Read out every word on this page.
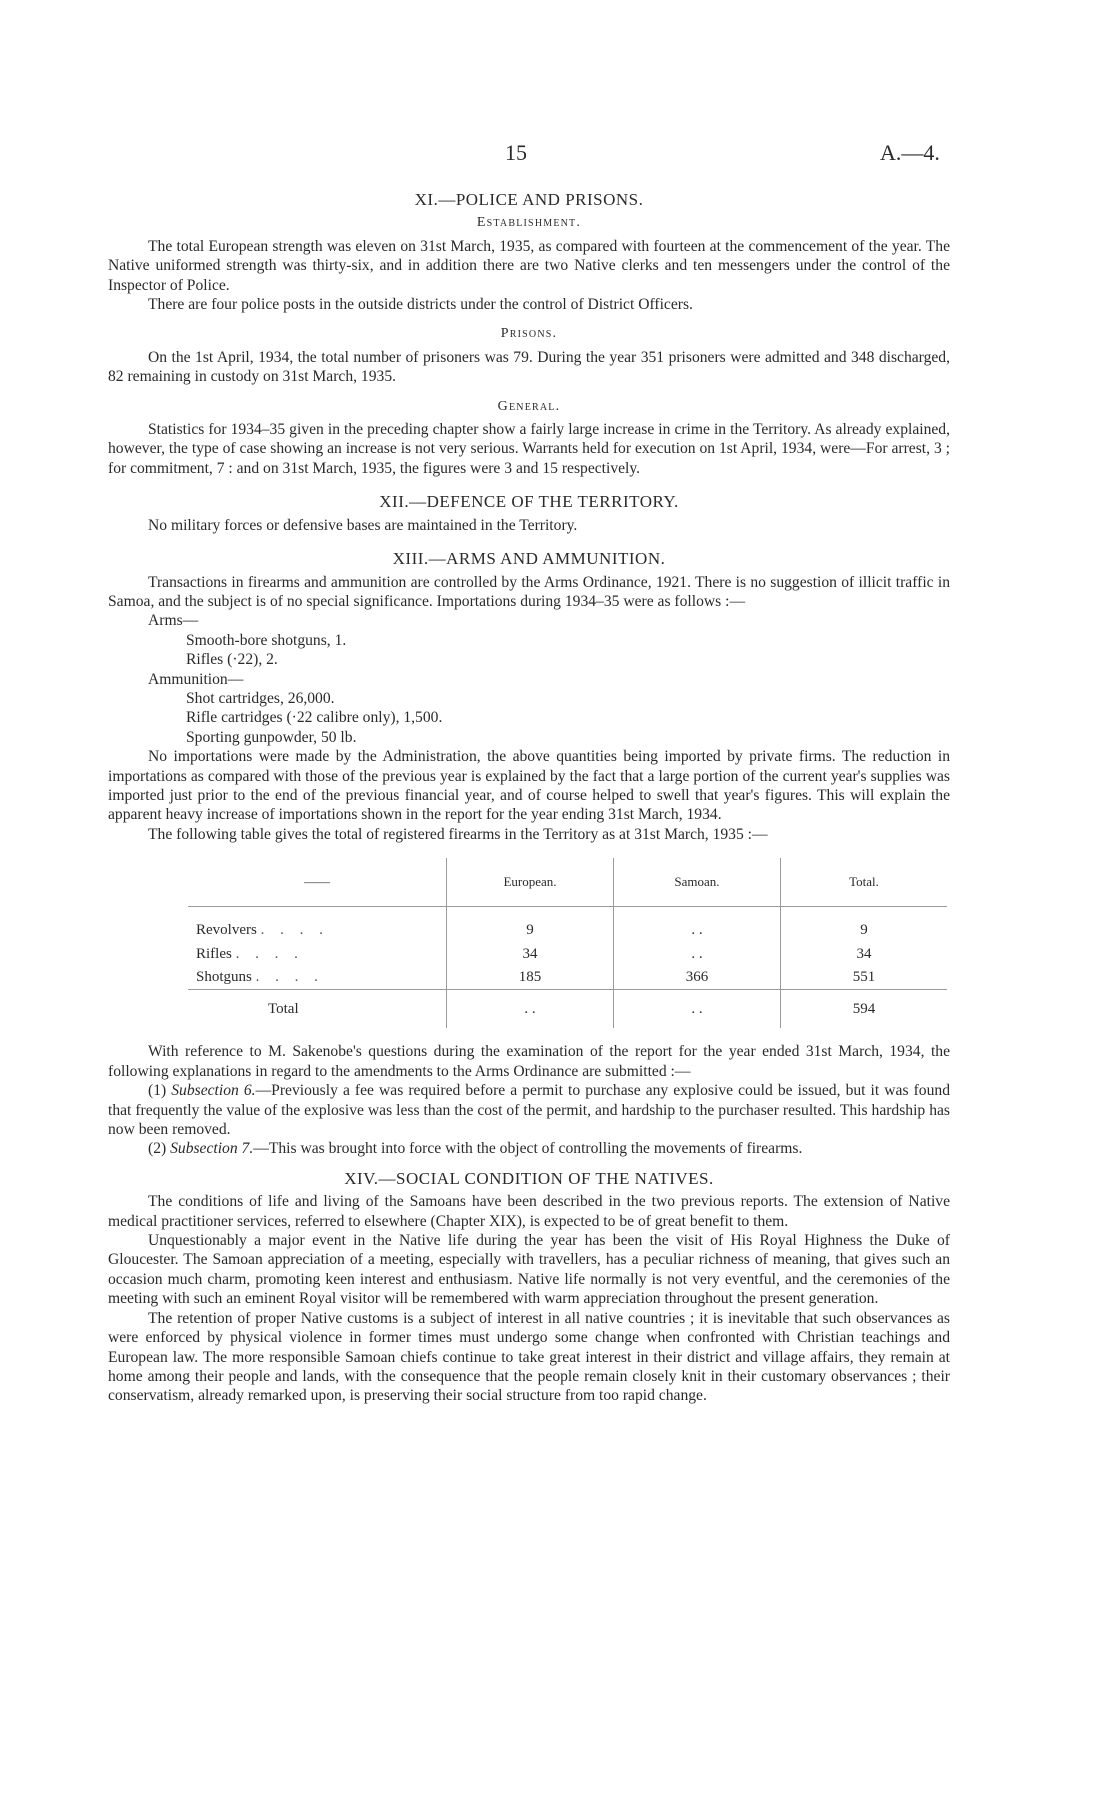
15	A.—4.
XI.—POLICE AND PRISONS.
Establishment.

The total European strength was eleven on 31st March, 1935, as compared with fourteen at the commencement of the year. The Native uniformed strength was thirty-six, and in addition there are two Native clerks and ten messengers under the control of the Inspector of Police.

There are four police posts in the outside districts under the control of District Officers.

Prisons.

On the 1st April, 1934, the total number of prisoners was 79. During the year 351 prisoners were admitted and 348 discharged, 82 remaining in custody on 31st March, 1935.

General.

Statistics for 1934–35 given in the preceding chapter show a fairly large increase in crime in the Territory. As already explained, however, the type of case showing an increase is not very serious. Warrants held for execution on 1st April, 1934, were—For arrest, 3 ; for commitment, 7 : and on 31st March, 1935, the figures were 3 and 15 respectively.

XII.—DEFENCE OF THE TERRITORY.

No military forces or defensive bases are maintained in the Territory.

XIII.—ARMS AND AMMUNITION.

Transactions in firearms and ammunition are controlled by the Arms Ordinance, 1921. There is no suggestion of illicit traffic in Samoa, and the subject is of no special significance. Importations during 1934–35 were as follows :—

Arms—
Smooth-bore shotguns, 1.
Rifles (·22), 2.
Ammunition—
Shot cartridges, 26,000.
Rifle cartridges (·22 calibre only), 1,500.
Sporting gunpowder, 50 lb.

No importations were made by the Administration, the above quantities being imported by private firms. The reduction in importations as compared with those of the previous year is explained by the fact that a large portion of the current year's supplies was imported just prior to the end of the previous financial year, and of course helped to swell that year's figures. This will explain the apparent heavy increase of importations shown in the report for the year ending 31st March, 1934.

The following table gives the total of registered firearms in the Territory as at 31st March, 1935 :—

——	European.	Samoan.	Total.
Revolvers . . . .	9	. .	9
Rifles . . . .	34	. .	34
Shotguns . . . .	185	366	551
Total	. .	. .	594

With reference to M. Sakenobe's questions during the examination of the report for the year ended 31st March, 1934, the following explanations in regard to the amendments to the Arms Ordinance are submitted :—

(1) Subsection 6.—Previously a fee was required before a permit to purchase any explosive could be issued, but it was found that frequently the value of the explosive was less than the cost of the permit, and hardship to the purchaser resulted. This hardship has now been removed.

(2) Subsection 7.—This was brought into force with the object of controlling the movements of firearms.

XIV.—SOCIAL CONDITION OF THE NATIVES.

The conditions of life and living of the Samoans have been described in the two previous reports. The extension of Native medical practitioner services, referred to elsewhere (Chapter XIX), is expected to be of great benefit to them.

Unquestionably a major event in the Native life during the year has been the visit of His Royal Highness the Duke of Gloucester. The Samoan appreciation of a meeting, especially with travellers, has a peculiar richness of meaning, that gives such an occasion much charm, promoting keen interest and enthusiasm. Native life normally is not very eventful, and the ceremonies of the meeting with such an eminent Royal visitor will be remembered with warm appreciation throughout the present generation.

The retention of proper Native customs is a subject of interest in all native countries ; it is inevitable that such observances as were enforced by physical violence in former times must undergo some change when confronted with Christian teachings and European law. The more responsible Samoan chiefs continue to take great interest in their district and village affairs, they remain at home among their people and lands, with the consequence that the people remain closely knit in their customary observances ; their conservatism, already remarked upon, is preserving their social structure from too rapid change.
